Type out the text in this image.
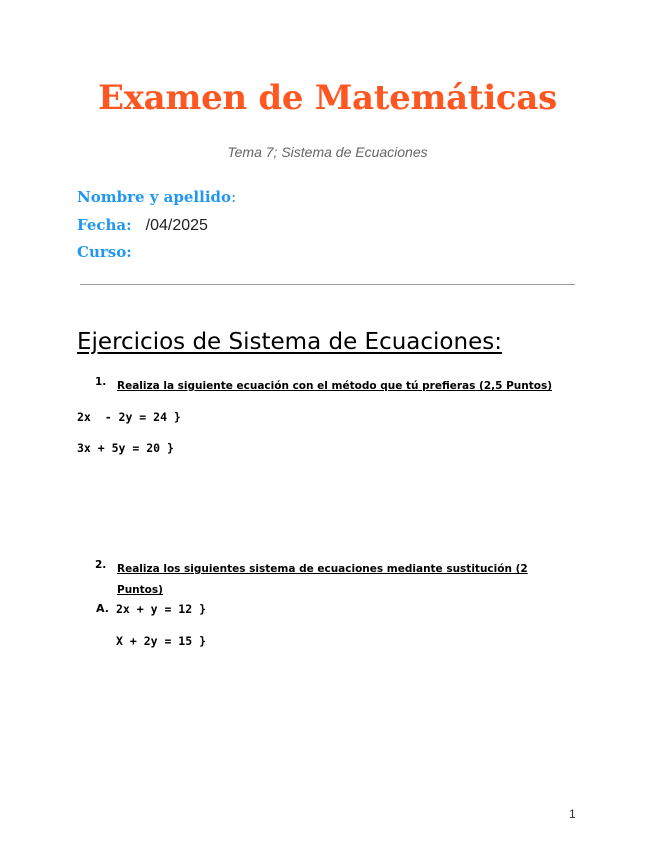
Examen de Matemáticas

Tema 7; Sistema de Ecuaciones

Nombre y apellido:
Fecha: /04/2025
Curso:
Ejercicios de Sistema de Ecuaciones:
1. Realiza la siguiente ecuación con el método que tú prefieras (2,5 Puntos)
2x  - 2y = 24 }
3x + 5y = 20 }
2. Realiza los siguientes sistema de ecuaciones mediante sustitución (2 Puntos)
A. 2x + y = 12 }
X + 2y = 15 }
1
